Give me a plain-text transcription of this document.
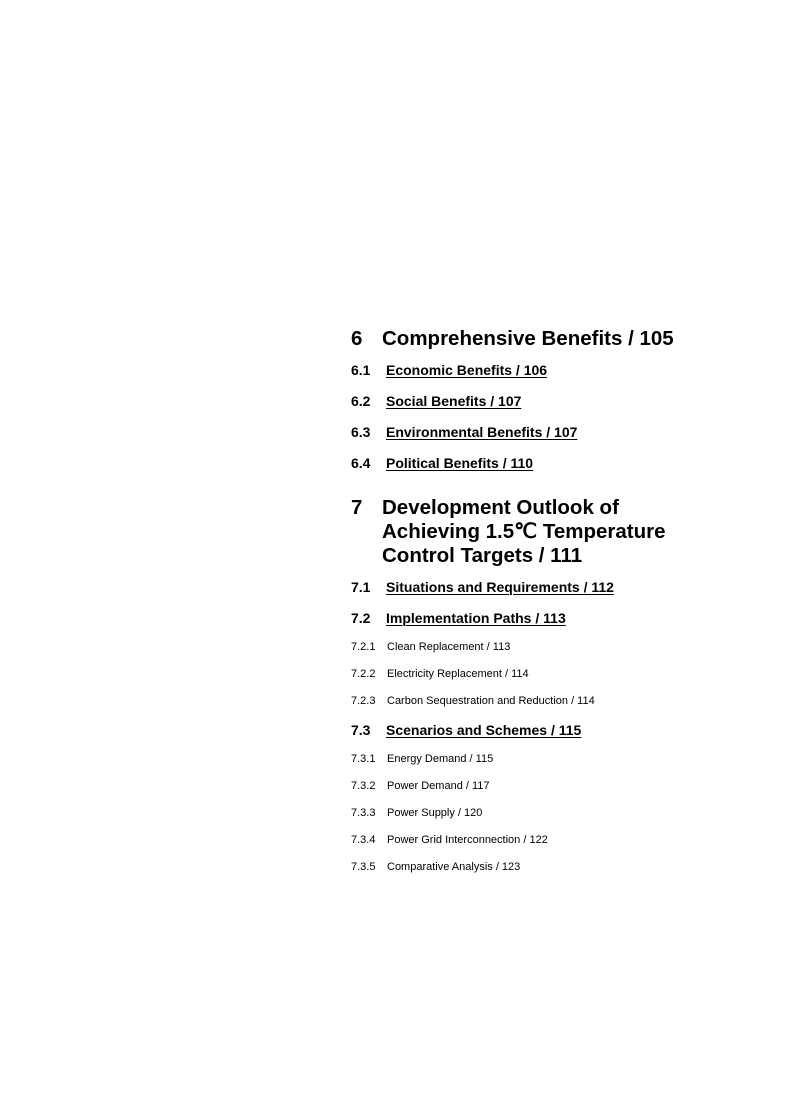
6 Comprehensive Benefits / 105
6.1 Economic Benefits / 106
6.2 Social Benefits / 107
6.3 Environmental Benefits / 107
6.4 Political Benefits / 110
7 Development Outlook of
Achieving 1.5℃ Temperature
Control Targets / 111
7.1 Situations and Requirements / 112
7.2 Implementation Paths / 113
7.2.1 Clean Replacement / 113
7.2.2 Electricity Replacement / 114
7.2.3 Carbon Sequestration and Reduction / 114
7.3 Scenarios and Schemes / 115
7.3.1 Energy Demand / 115
7.3.2 Power Demand / 117
7.3.3 Power Supply / 120
7.3.4 Power Grid Interconnection / 122
7.3.5 Comparative Analysis / 123
